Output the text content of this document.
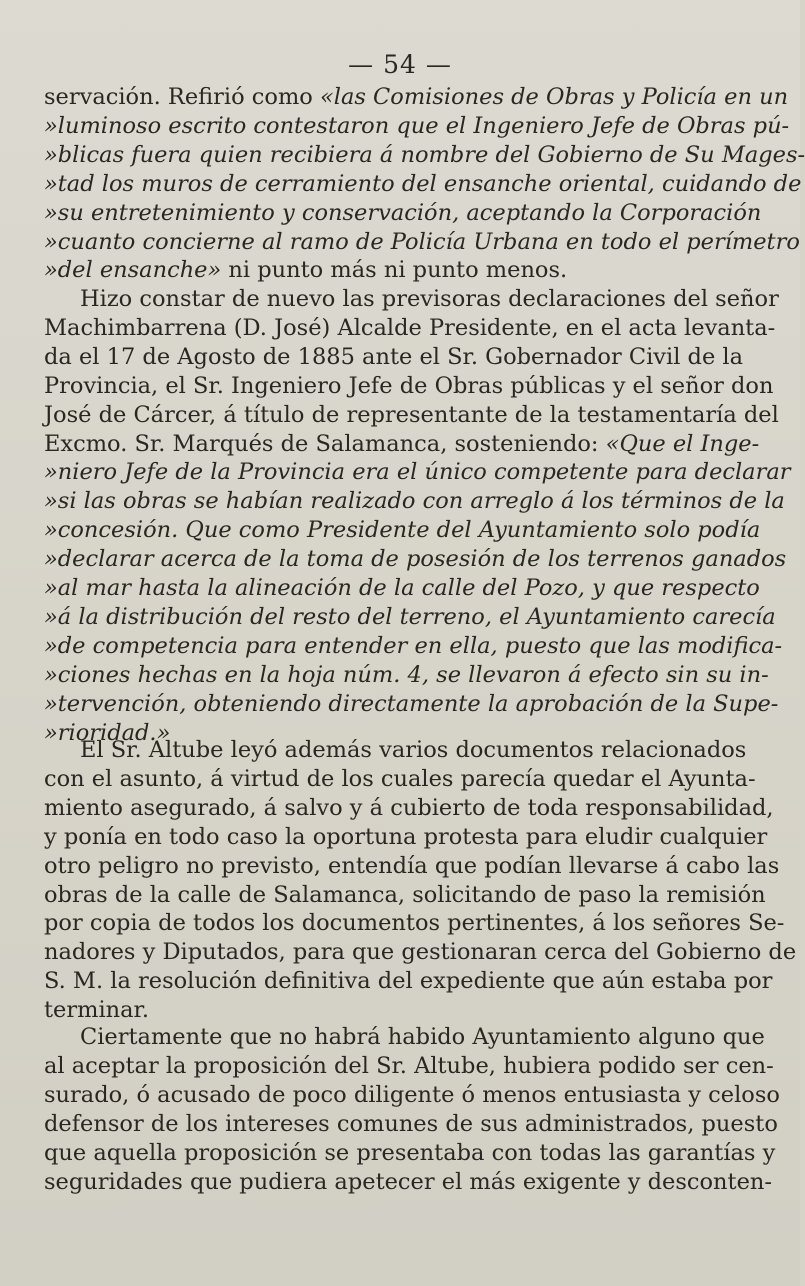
— 54 —
servación. Refirió como «las Comisiones de Obras y Policía en un
»luminoso escrito contestaron que el Ingeniero Jefe de Obras pú-
»blicas fuera quien recibiera á nombre del Gobierno de Su Mages-
»tad los muros de cerramiento del ensanche oriental, cuidando de
»su entretenimiento y conservación, aceptando la Corporación
»cuanto concierne al ramo de Policía Urbana en todo el perímetro
»del ensanche» ni punto más ni punto menos.
Hizo constar de nuevo las previsoras declaraciones del señor
Machimbarrena (D. José) Alcalde Presidente, en el acta levanta-
da el 17 de Agosto de 1885 ante el Sr. Gobernador Civil de la
Provincia, el Sr. Ingeniero Jefe de Obras públicas y el señor don
José de Cárcer, á título de representante de la testamentaría del
Excmo. Sr. Marqués de Salamanca, sosteniendo: «Que el Inge-
»niero Jefe de la Provincia era el único competente para declarar
»si las obras se habían realizado con arreglo á los términos de la
»concesión. Que como Presidente del Ayuntamiento solo podía
»declarar acerca de la toma de posesión de los terrenos ganados
»al mar hasta la alineación de la calle del Pozo, y que respecto
»á la distribución del resto del terreno, el Ayuntamiento carecía
»de competencia para entender en ella, puesto que las modifica-
»ciones hechas en la hoja núm. 4, se llevaron á efecto sin su in-
»tervención, obteniendo directamente la aprobación de la Supe-
»rioridad.»
El Sr. Altube leyó además varios documentos relacionados
con el asunto, á virtud de los cuales parecía quedar el Ayunta-
miento asegurado, á salvo y á cubierto de toda responsabilidad,
y ponía en todo caso la oportuna protesta para eludir cualquier
otro peligro no previsto, entendía que podían llevarse á cabo las
obras de la calle de Salamanca, solicitando de paso la remisión
por copia de todos los documentos pertinentes, á los señores Se-
nadores y Diputados, para que gestionaran cerca del Gobierno de
S. M. la resolución definitiva del expediente que aún estaba por
terminar.
Ciertamente que no habrá habido Ayuntamiento alguno que
al aceptar la proposición del Sr. Altube, hubiera podido ser cen-
surado, ó acusado de poco diligente ó menos entusiasta y celoso
defensor de los intereses comunes de sus administrados, puesto
que aquella proposición se presentaba con todas las garantías y
seguridades que pudiera apetecer el más exigente y desconten-
